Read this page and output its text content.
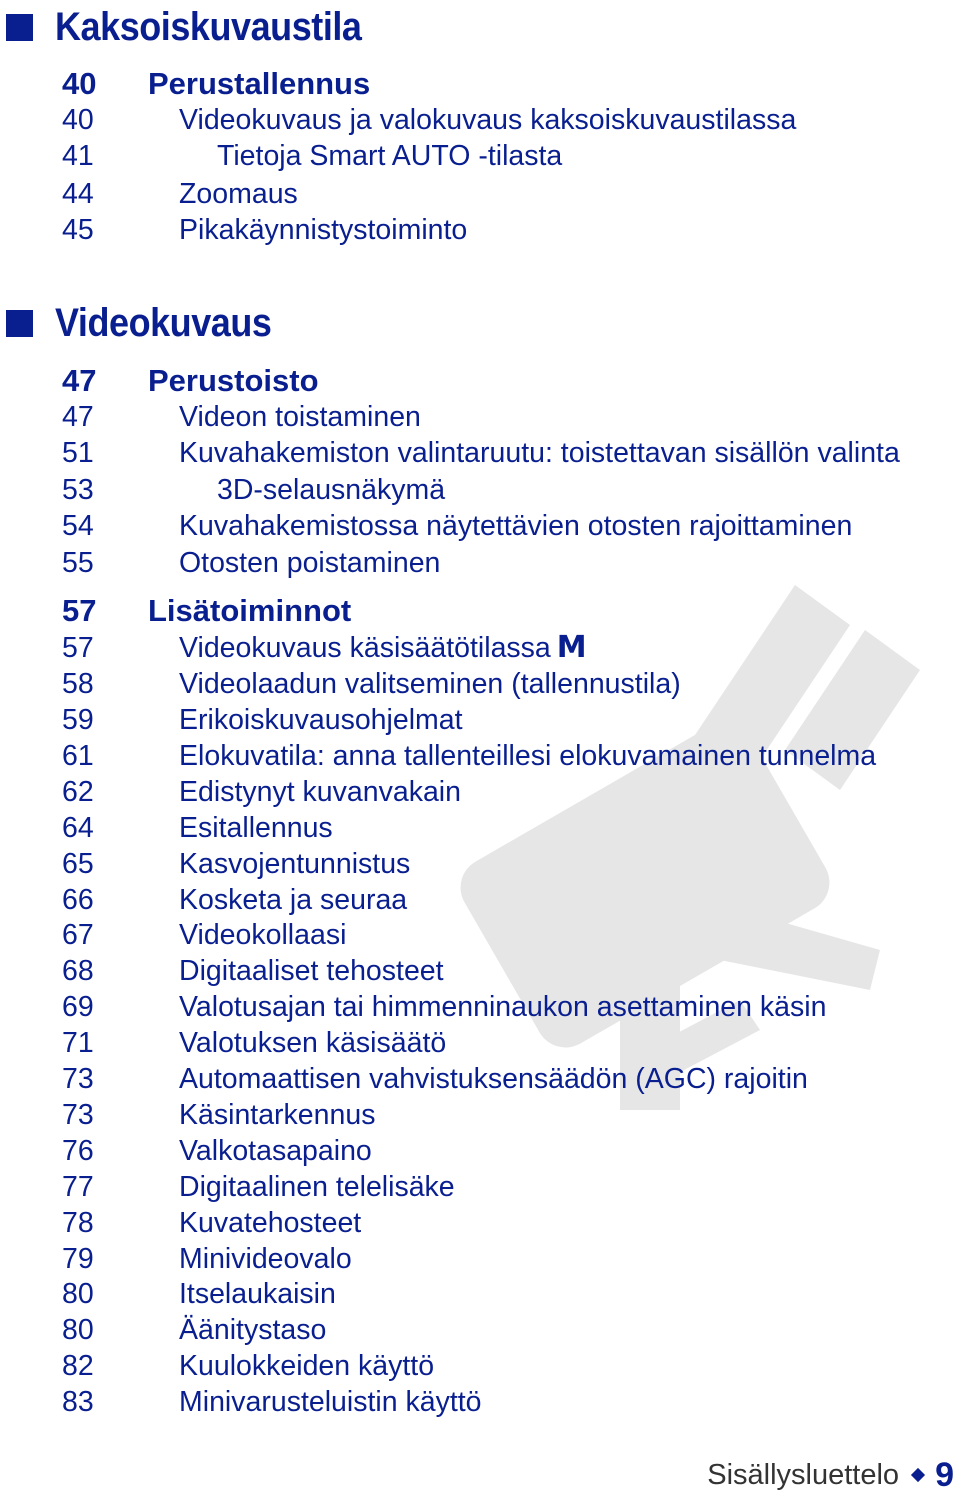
Kaksoiskuvaustila
40 Perustallennus
40	Videokuvaus ja valokuvaus kaksoiskuvaustilassa
41	Tietoja Smart AUTO -tilasta
44	Zoomaus
45	Pikakäynnistystoiminto
Videokuvaus
47 Perustoisto
47	Videon toistaminen
51	Kuvahakemiston valintaruutu: toistettavan sisällön valinta
53	3D-selausnäkymä
54	Kuvahakemistossa näytettävien otosten rajoittaminen
55	Otosten poistaminen
57 Lisätoiminnot
57	Videokuvaus käsisäätötilassa M
58	Videolaadun valitseminen (tallennustila)
59	Erikoiskuvausohjelmat
61	Elokuvatila: anna tallenteillesi elokuvamainen tunnelma
62	Edistynyt kuvanvakain
64	Esitallennus
65	Kasvojentunnistus
66	Kosketa ja seuraa
67	Videokollaasi
68	Digitaaliset tehosteet
69	Valotusajan tai himmenninaukon asettaminen käsin
71	Valotuksen käsisäätö
73	Automaattisen vahvistuksensäädön (AGC) rajoitin
73	Käsintarkennus
76	Valkotasapaino
77	Digitaalinen telelisäke
78	Kuvatehosteet
79	Minivideovalo
80	Itselaukaisin
80	Äänitystaso
82	Kuulokkeiden käyttö
83	Minivarusteluistin käyttö
Sisällysluettelo 9
